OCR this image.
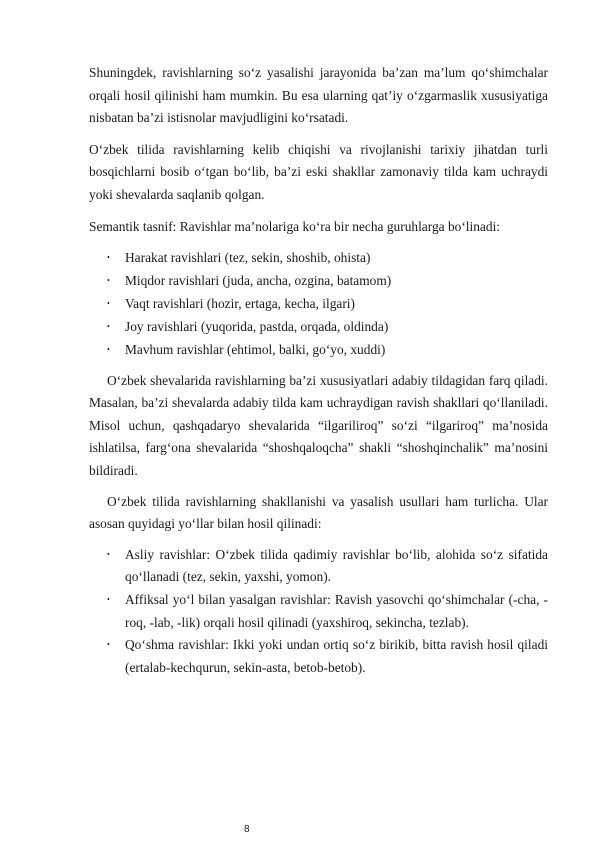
Shuningdek, ravishlarning so‘z yasalishi jarayonida ba’zan ma’lum qo‘shimchalar orqali hosil qilinishi ham mumkin. Bu esa ularning qat’iy o‘zgarmaslik xususiyatiga nisbatan ba’zi istisnolar mavjudligini ko‘rsatadi.

O‘zbek tilida ravishlarning kelib chiqishi va rivojlanishi tarixiy jihatdan turli bosqichlarni bosib o‘tgan bo‘lib, ba’zi eski shakllar zamonaviy tilda kam uchraydi yoki shevalarda saqlanib qolgan.

Semantik tasnif: Ravishlar ma’nolariga ko‘ra bir necha guruhlarga bo‘linadi:

• Harakat ravishlari (tez, sekin, shoshib, ohista)
• Miqdor ravishlari (juda, ancha, ozgina, batamom)
• Vaqt ravishlari (hozir, ertaga, kecha, ilgari)
• Joy ravishlari (yuqorida, pastda, orqada, oldinda)
• Mavhum ravishlar (ehtimol, balki, go‘yo, xuddi)

O‘zbek shevalarida ravishlarning ba’zi xususiyatlari adabiy tildagidan farq qiladi. Masalan, ba’zi shevalarda adabiy tilda kam uchraydigan ravish shakllari qo‘llaniladi. Misol uchun, qashqadaryo shevalarida “ilgariliroq” so‘zi “ilgariroq” ma’nosida ishlatilsa, farg‘ona shevalarida “shoshqaloqcha” shakli “shoshqinchalik” ma’nosini bildiradi.

O‘zbek tilida ravishlarning shakllanishi va yasalish usullari ham turlicha. Ular asosan quyidagi yo‘llar bilan hosil qilinadi:

• Asliy ravishlar: O‘zbek tilida qadimiy ravishlar bo‘lib, alohida so‘z sifatida qo‘llanadi (tez, sekin, yaxshi, yomon).
• Affiksal yo‘l bilan yasalgan ravishlar: Ravish yasovchi qo‘shimchalar (-cha, -roq, -lab, -lik) orqali hosil qilinadi (yaxshiroq, sekincha, tezlab).
• Qo‘shma ravishlar: Ikki yoki undan ortiq so‘z birikib, bitta ravish hosil qiladi (ertalab-kechqurun, sekin-asta, betob-betob).
8
